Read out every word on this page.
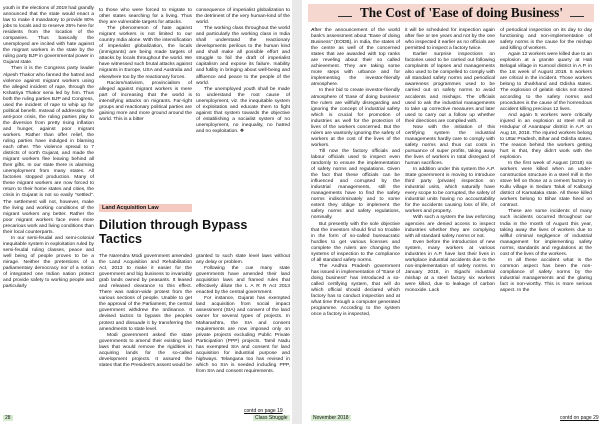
youth in the elections of 2019 had grandly announced that the state would enact a law to make it mandatory to provide 80% jobs to locals and to reserve 25% here for residents from the location of the companies. Thus basically the unemployed are incited with hate against the migrant workers in the state by the ruling party BJP in governmental power in Gujarat state.

Then it is the Congress party leader Alpesh Thakor who fanned the hatred and violence against migrant workers using the alleged incident of rape, through the Kshatriya Thakor sena led by him. Thus both the ruling parties BJP and Congress, used the incident of rape to whip up for political benefit. Instead of addressing the anti-poor crisis, the ruling parties play to the diversion from pretty rising inflation and hunger, against poor migrant workers. Rather than offer relief, the ruling parties have indulged in blaming each other. The violence spread to 7 districts of north Gujarat, and made the migrant workers flee leaving behind all their gifts. In our state there is alarming unemployment from many states. All factories stopped production. Many of these migrant workers are now forced to return to their home states and cities, the crisis in Gujarat is not so easily "settled". The settlement will not, however, make the living and working conditions of the migrant workers any better. Rather the poor migrant workers face even more precarious work and living conditions than their local counterparts.

In our semi-feudal and semi-colonial inequitable system in exploitation ruled by semi-feudal ruling classes, peace and well being of people proves to be a mirage. Neither the pretentions of a parliamentary democracy nor of a notion of integrated one Indian nation protect and provide safety to working people and particularly

to those who were forced to migrate to other states searching for a living. Thus they are vulnerable targets for attacks.

The phenomenon of hate against migrant workers is not limited to our country India alone. With the intensification of imperialist globalization, the locals (immigrants) are being made targets of attacks by locals throughout the world. We have witnessed such brutal attacks against migrants in Europe, USA and Australia and elsewhere too by the reactionary forces.

Racism/nativism, provincialism of alleged against migrant workers is mere part of increasing that the world is intensifying attacks on migrants. Far-right groups and reactionary political parties are gaining more and more ground around the world. This is a bitter

consequence of imperialist globalization to the detriment of the very human-kind of the world.

The working class throughout the world and particularly the working class in India shall understand the reactionary developments perilous to the human kind and shall make all possible effort and struggle to foil the draft of imperialist capitalism and expose its failure. Inability and futility in bringing about well-being and affluence and peace to the people of the world.

The unemployed youth shall be made to understand the root cause of unemployment, viz. the inequitable system of exploitation and educate them to fight against that system towards the objective of establishing a socialist system of no unemployment, no inequality, no hatred and no exploitation. ❖

Land Acquisition Law
Dilution through Bypass Tactics

The Narendra Modi government amended the Land Acquisition and Rehabilitation Act, 2013 to make it easier for the government and big business to invariably grab lands owned by peasants. It leased and released clearance to this effect. There was nation-wide protest from the various sections of people. Unable to get the approval of the Parliament, the central government withdrew the ordinance. It devised tactics to bypass the peoples protest and dissuade it by transferring the amendments to state level.

Modi government asked the state governments to amend their existing land laws that would remove the rigidities in acquiring lands for the so-called development projects. It assured the states that the President's assent would be

granted to such state level laws without any delay or problem.

Following the cue many state governments have amended their land acquisition laws and framed rules that effectively dilute the L A R R Act 2013 enacted by the central government.

For instance, Gujarat has exempted land acquisition from social impact assessment (SIA) and consent of the land owner for several types of projects. In Maharashtra, the SIA and consent requirements are now imposed only on private projects excluding Public Private Participation (PPP) projects. Tamil Nadu has exempted SIA and consent for land acquisition for industrial purpose and highways. Telangana too has revised in which no SIA is needed including PPP, from SIA and consent requirements.

contd on page 19
28	Class Struggle
The Cost of 'Ease of doing Business'

After the announcement of the world bank's assessment about "Ease of doing Business" (EODB), in India, the states of the centre as well of the concerned states that are awarded with top ranks are reveling about their so called achievement. They are taking some more steps with urbance and for implementing the investor-friendly atmosphere.

In their bid to create investor-friendly atmosphere of 'Ease of doing business' the rulers are willfully disregarding and ignoring the concept of industrial safety which is crucial for promotion of industries as well for the protection of lives of the workers concerned. But the rulers are wantonly ignoring the safety of workers at the cost of the lives of the workers.

Till now the factory officials and labour officials used to inspect even randomly to ensure the implementation of safety norms and regulations. Given the fact that these officials can be influenced and corrupted by the industrial managements, still the managements have to find the safety norms indiscriminately and to some extent they oblige to implement the safety norms and safety regulations, nominally.

But presently with the sole objective that the investors should find no trouble in the form of so-called bureaucratic hurdles to get various licenses and complete the rulers are changing the systems of inspection to the compliance of all standard safety norms.

The Andhra Pradesh government has issued in implementation of "Ease of doing business" has introduced a so-called certifying system, that will do which official should declared which factory has to conduct inspection and at what time through a computer generated programme. According to the system once a factory is inspected,

it will be scheduled for inspection again after five or ten years and not by the one who inspected it earlier as no officials are permitted to inspect a factory twice.

Earlier surprise inspections on factories used to be carried out following complaints of lapses and managements also used to be compelled to comply with all standard safety norms and periodical awareness programmes used to be carried out on safety norms to avoid accidents and mishaps. The officials used to ask the industrial managements to take up corrective measures and later used to carry out a follow up whether their directions are complied with.

Now with the initiation of this certifying system the industrial managements hardly care to comply with safety norms and thus cut costs in pursuance of super profits, taking away the lives of workers in total disregard of human sacrifices.

In addition under this system the A.P. State government is moving to introduce third party (private) inspection on industrial units, which naturally have every scope to be corrupted, the safety of industrial units having no accountability for the accidents causing loss of life, of workers and property.

With such a system the law enforcing agencies are denied access to inspect industries whether they are complying with all standard safety norms or not.

Even before the introduction of new system, many workers at various industries in A.P. have lost their lives in workplace industrial accidents due to the non-implementation of safety norms. In January 2018, in Sigachi industrial mishap at a steel factory six workers were killed, due to leakage of carbon monoxide. Lack

of periodical inspection on its day to day functioning and non-implementation of safety norms is the cause for the mishap and killing of workers.

Again 12 workers were killed due to an explosion at a granite quarry at Hati Belagal village in Kurnool district in A.P. in the 1st week of August 2018. 5 workers are critical in the incident. Those workers belong to Jharkhand and Odisha states. The explosion of gelatin sticks not stored according to the safety norms and procedures is the cause of the horrendous accident killing precious 12 lives.

And again 5 workers were critically injured in an explosion at steel mill at Hindupur of Anantapur district in A.P. on Aug 18, 2018. The injured workers belong to Uttar Pradesh, Bihar and Odisha states. The reason behind the workers getting hurt is that, they didn't work with the explosion.

In the first week of August (2018) six workers were killed when an under-construction structure in a steel mill in the stove fell on those at a cement factory in Kullu village in Sedam Taluk of Kalburgi district of Karnataka state. All these killed workers belong to Bihar state hired on contract.

These are some incidents of many such incidents occurred throughout our India in the month of August this year, taking away the lives of workers due to willful criminal negligence of industrial management for implementing safety norms, standards and regulations at the cost of the lives of the workers.

In all these accident what is the common aspect has been the non-compliance of safety norms by the industrial managements and the glaring fact is non-worthy. This is more serious aspect. In the

contd on page 29
November 2018
